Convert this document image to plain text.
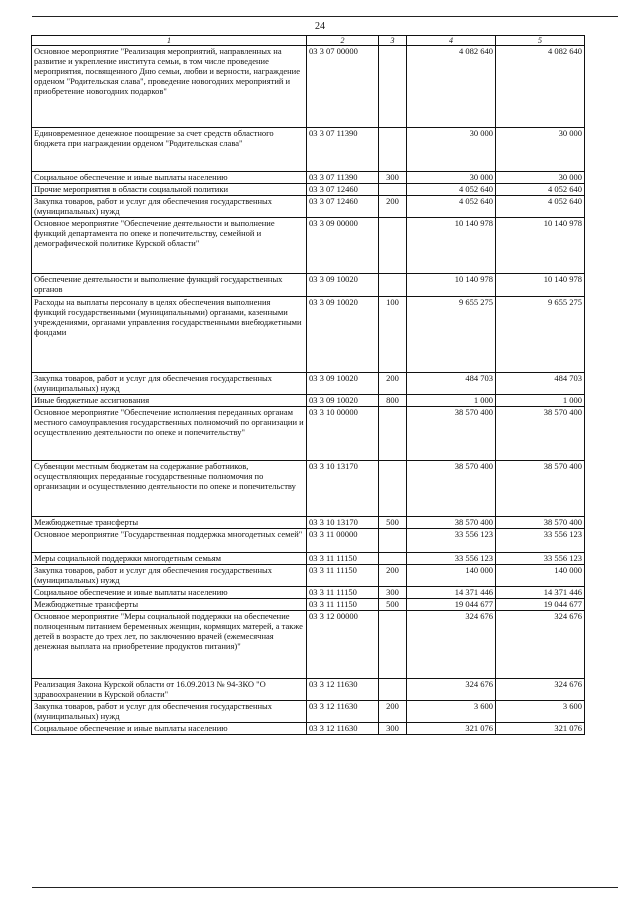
24
1	2	3	4	5
Основное мероприятие "Реализация мероприятий, направленных на развитие и укрепление института семьи, в том числе проведение мероприятия, посвященного Дню семьи, любви и верности, награждение орденом "Родительская слава", проведение новогодних мероприятий и приобретение новогодних подарков"	03 3 07 00000		4 082 640	4 082 640
Единовременное денежное поощрение за счет средств областного бюджета при награждении орденом "Родительская слава"	03 3 07 11390		30 000	30 000
Социальное обеспечение и иные выплаты населению	03 3 07 11390	300	30 000	30 000
Прочие мероприятия в области социальной политики	03 3 07 12460		4 052 640	4 052 640
Закупка товаров, работ и услуг для обеспечения государственных (муниципальных) нужд	03 3 07 12460	200	4 052 640	4 052 640
Основное мероприятие "Обеспечение деятельности и выполнение функций департамента по опеке и попечительству, семейной и демографической политике Курской области"	03 3 09 00000		10 140 978	10 140 978
Обеспечение деятельности и выполнение функций государственных органов	03 3 09 10020		10 140 978	10 140 978
Расходы на выплаты персоналу в целях обеспечения выполнения функций государственными (муниципальными) органами, казенными учреждениями, органами управления государственными внебюджетными фондами	03 3 09 10020	100	9 655 275	9 655 275
Закупка товаров, работ и услуг для обеспечения государственных (муниципальных) нужд	03 3 09 10020	200	484 703	484 703
Иные бюджетные ассигнования	03 3 09 10020	800	1 000	1 000
Основное мероприятие "Обеспечение исполнения переданных органам местного самоуправления государственных полномочий по организации и осуществлению деятельности по опеке и попечительству"	03 3 10 00000		38 570 400	38 570 400
Субвенции местным бюджетам на содержание работников, осуществляющих переданные государственные полномочия по организации и осуществлению деятельности по опеке и попечительству	03 3 10 13170		38 570 400	38 570 400
Межбюджетные трансферты	03 3 10 13170	500	38 570 400	38 570 400
Основное мероприятие "Государственная поддержка многодетных семей"	03 3 11 00000		33 556 123	33 556 123
Меры социальной поддержки многодетным семьям	03 3 11 11150		33 556 123	33 556 123
Закупка товаров, работ и услуг для обеспечения государственных (муниципальных) нужд	03 3 11 11150	200	140 000	140 000
Социальное обеспечение и иные выплаты населению	03 3 11 11150	300	14 371 446	14 371 446
Межбюджетные трансферты	03 3 11 11150	500	19 044 677	19 044 677
Основное мероприятие "Меры социальной поддержки на обеспечение полноценным питанием беременных женщин, кормящих матерей, а также детей в возрасте до трех лет, по заключению врачей (ежемесячная денежная выплата на приобретение продуктов питания)"	03 3 12 00000		324 676	324 676
Реализация Закона Курской области от 16.09.2013 № 94-ЗКО "О здравоохранении в Курской области"	03 3 12 11630		324 676	324 676
Закупка товаров, работ и услуг для обеспечения государственных (муниципальных) нужд	03 3 12 11630	200	3 600	3 600
Социальное обеспечение и иные выплаты населению	03 3 12 11630	300	321 076	321 076
